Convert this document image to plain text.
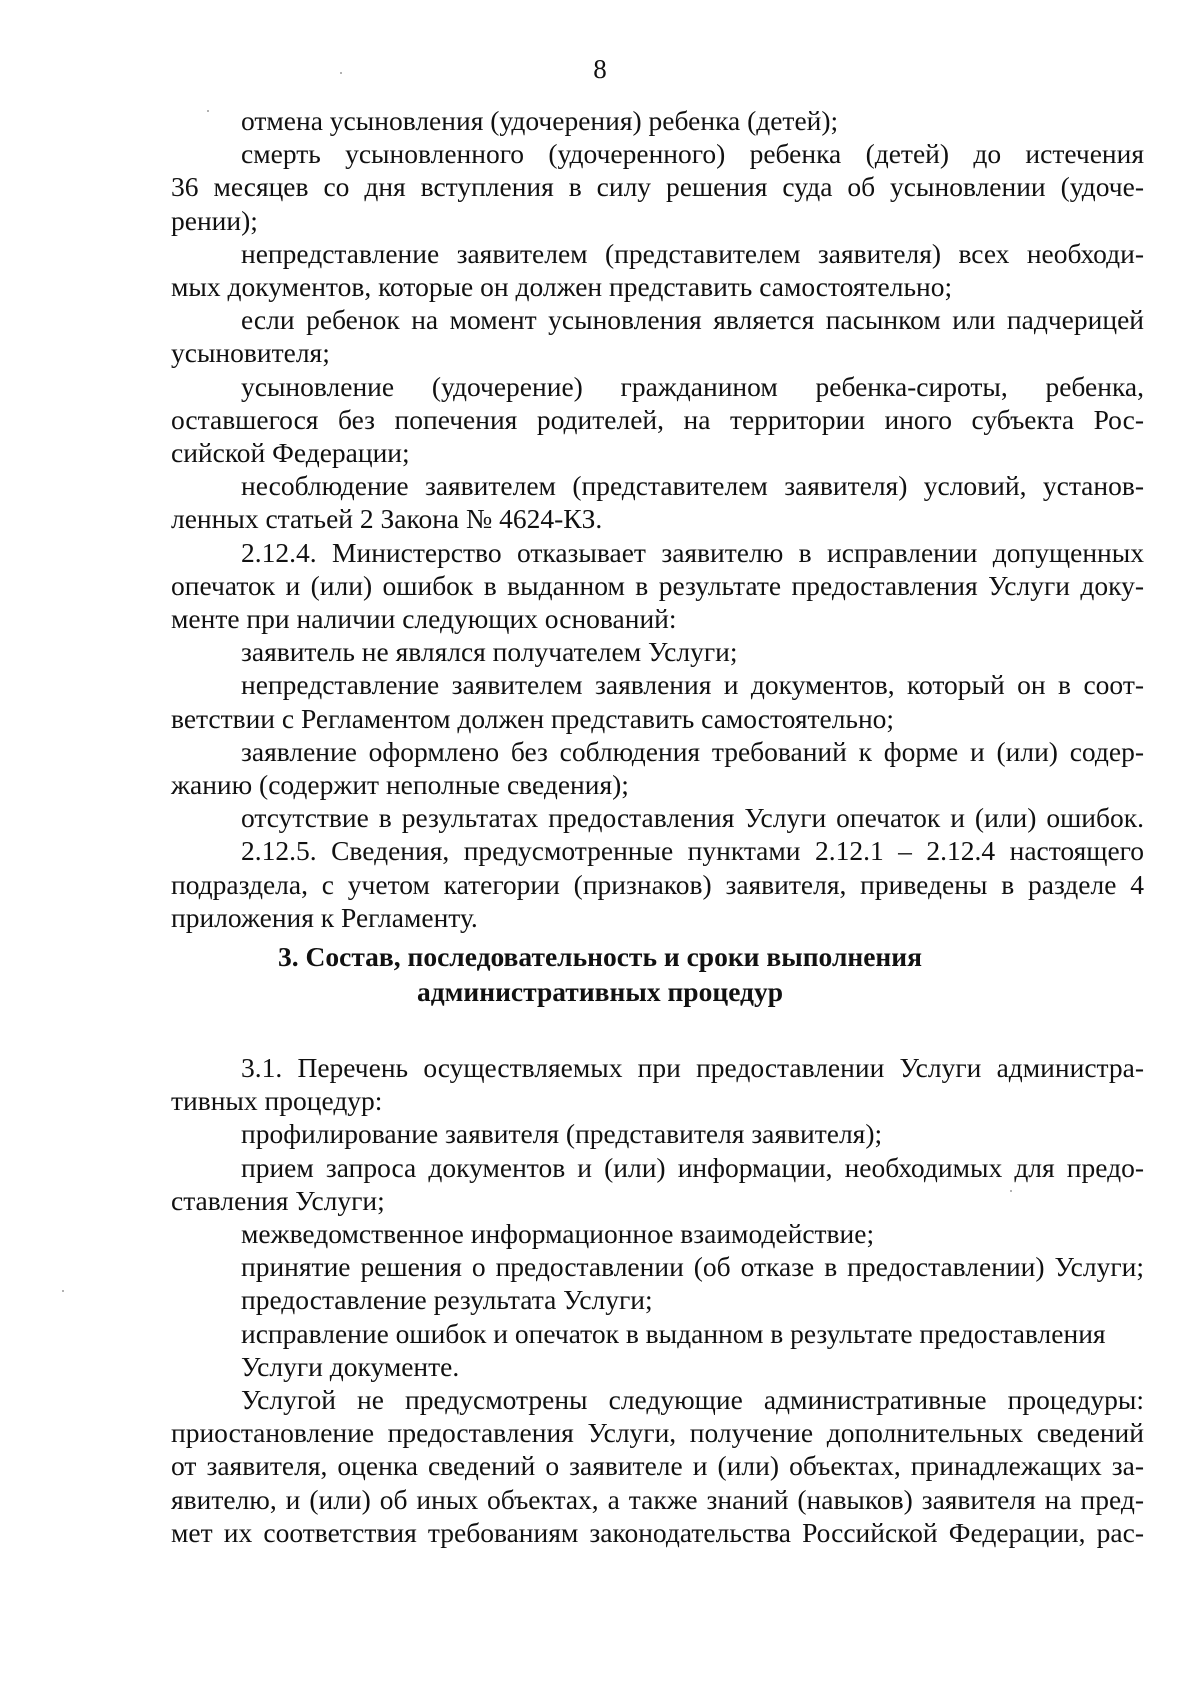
8
отмена усыновления (удочерения) ребенка (детей);
смерть усыновленного (удочеренного) ребенка (детей) до истечения
36 месяцев со дня вступления в силу решения суда об усыновлении (удоче-
рении);
непредставление заявителем (представителем заявителя) всех необходи-
мых документов, которые он должен представить самостоятельно;
если ребенок на момент усыновления является пасынком или падчерицей
усыновителя;
усыновление (удочерение) гражданином ребенка-сироты, ребенка,
оставшегося без попечения родителей, на территории иного субъекта Рос-
сийской Федерации;
несоблюдение заявителем (представителем заявителя) условий, установ-
ленных статьей 2 Закона № 4624-КЗ.
2.12.4. Министерство отказывает заявителю в исправлении допущенных
опечаток и (или) ошибок в выданном в результате предоставления Услуги доку-
менте при наличии следующих оснований:
заявитель не являлся получателем Услуги;
непредставление заявителем заявления и документов, который он в соот-
ветствии с Регламентом должен представить самостоятельно;
заявление оформлено без соблюдения требований к форме и (или) содер-
жанию (содержит неполные сведения);
отсутствие в результатах предоставления Услуги опечаток и (или) ошибок.
2.12.5. Сведения, предусмотренные пунктами 2.12.1 – 2.12.4 настоящего
подраздела, с учетом категории (признаков) заявителя, приведены в разделе 4
приложения к Регламенту.
3. Состав, последовательность и сроки выполнения
административных процедур
3.1. Перечень осуществляемых при предоставлении Услуги администра-
тивных процедур:
профилирование заявителя (представителя заявителя);
прием запроса документов и (или) информации, необходимых для предо-
ставления Услуги;
межведомственное информационное взаимодействие;
принятие решения о предоставлении (об отказе в предоставлении) Услуги;
предоставление результата Услуги;
исправление ошибок и опечаток в выданном в результате предоставления
Услуги документе.
Услугой не предусмотрены следующие административные процедуры:
приостановление предоставления Услуги, получение дополнительных сведений
от заявителя, оценка сведений о заявителе и (или) объектах, принадлежащих за-
явителю, и (или) об иных объектах, а также знаний (навыков) заявителя на пред-
мет их соответствия требованиям законодательства Российской Федерации, рас-
